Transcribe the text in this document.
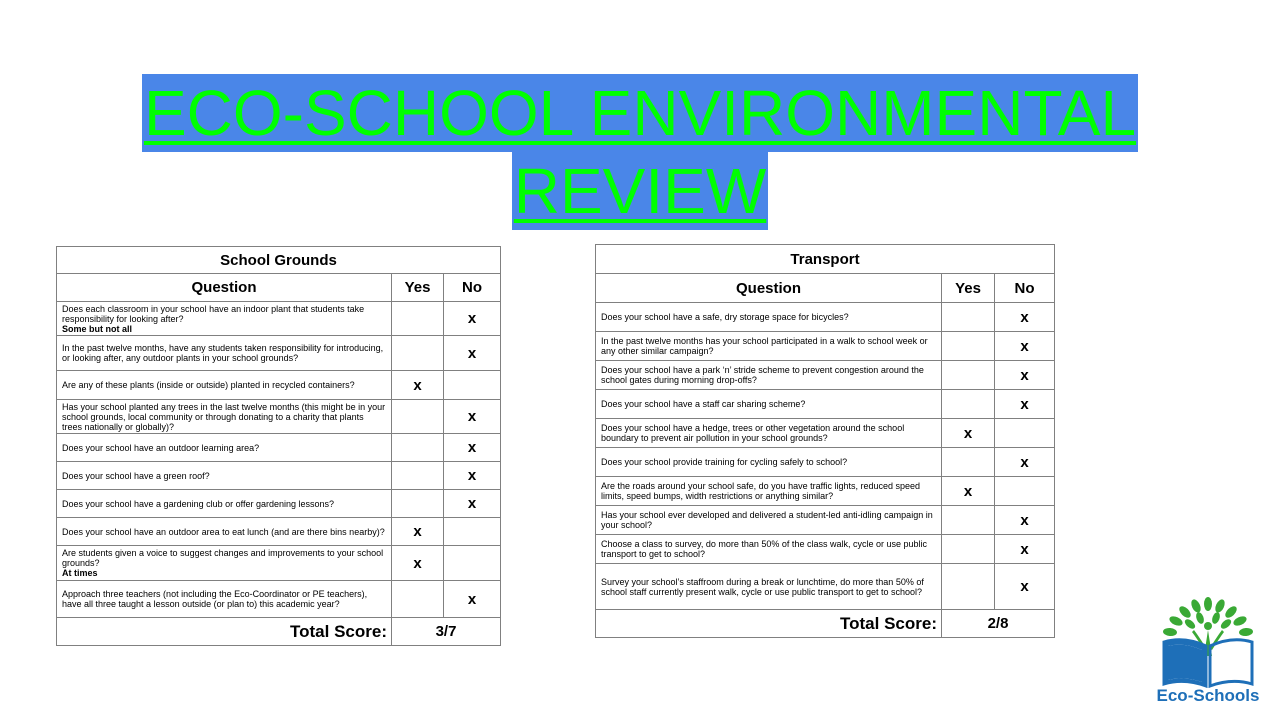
ECO-SCHOOL ENVIRONMENTAL
REVIEW
School Grounds		
Question	Yes	No
Does each classroom in your school have an indoor plant that students take responsibility for looking after?
Some but not all		x
In the past twelve months, have any students taken responsibility for introducing, or looking after, any outdoor plants in your school grounds?		x
Are any of these plants (inside or outside) planted in recycled containers?	x	
Has your school planted any trees in the last twelve months (this might be in your school grounds, local community or through donating to a charity that plants trees nationally or globally)?		x
Does your school have an outdoor learning area?		x
Does your school have a green roof?		x
Does your school have a gardening club or offer gardening lessons?		x
Does your school have an outdoor area to eat lunch (and are there bins nearby)?	x	
Are students given a voice to suggest changes and improvements to your school grounds?
At times	x	
Approach three teachers (not including the Eco-Coordinator or PE teachers), have all three taught a lesson outside (or plan to) this academic year?		x
Total Score:	3/7	
Transport		
Question	Yes	No
Does your school have a safe, dry storage space for bicycles?		x
In the past twelve months has your school participated in a walk to school week or any other similar campaign?		x
Does your school have a park ‘n’ stride scheme to prevent congestion around the school gates during morning drop-offs?		x
Does your school have a staff car sharing scheme?		x
Does your school have a hedge, trees or other vegetation around the school boundary to prevent air pollution in your school grounds?	x	
Does your school provide training for cycling safely to school?		x
Are the roads around your school safe, do you have traffic lights, reduced speed limits, speed bumps, width restrictions or anything similar?	x	
Has your school ever developed and delivered a student-led anti-idling campaign in your school?		x
Choose a class to survey, do more than 50% of the class walk, cycle or use public transport to get to school?		x
Survey your school’s staffroom during a break or lunchtime, do more than 50% of school staff currently present walk, cycle or use public transport to get to school?		x
Total Score:	2/8	
Eco-Schools
